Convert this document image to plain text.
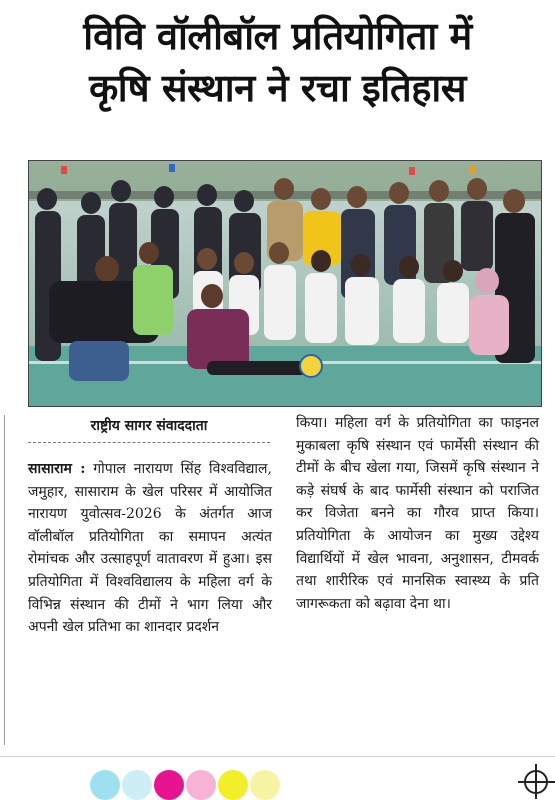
विवि वॉलीबॉल प्रतियोगिता में
कृषि संस्थान ने रचा इतिहास
राष्ट्रीय सागर संवाददाता
सासाराम : गोपाल नारायण सिंह विश्वविद्याल, जमुहार, सासाराम के खेल परिसर में आयोजित नारायण युवोत्सव-2026 के अंतर्गत आज वॉलीबॉल प्रतियोगिता का समापन अत्यंत रोमांचक और उत्साहपूर्ण वातावरण में हुआ। इस प्रतियोगिता में विश्वविद्यालय के महिला वर्ग के विभिन्न संस्थान की टीमों ने भाग लिया और अपनी खेल प्रतिभा का शानदार प्रदर्शन
किया। महिला वर्ग के प्रतियोगिता का फाइनल मुकाबला कृषि संस्थान एवं फार्मेसी संस्थान की टीमों के बीच खेला गया, जिसमें कृषि संस्थान ने कड़े संघर्ष के बाद फार्मेसी संस्थान को पराजित कर विजेता बनने का गौरव प्राप्त किया। प्रतियोगिता के आयोजन का मुख्य उद्देश्य विद्यार्थियों में खेल भावना, अनुशासन, टीमवर्क तथा शारीरिक एवं मानसिक स्वास्थ्य के प्रति जागरूकता को बढ़ावा देना था।
